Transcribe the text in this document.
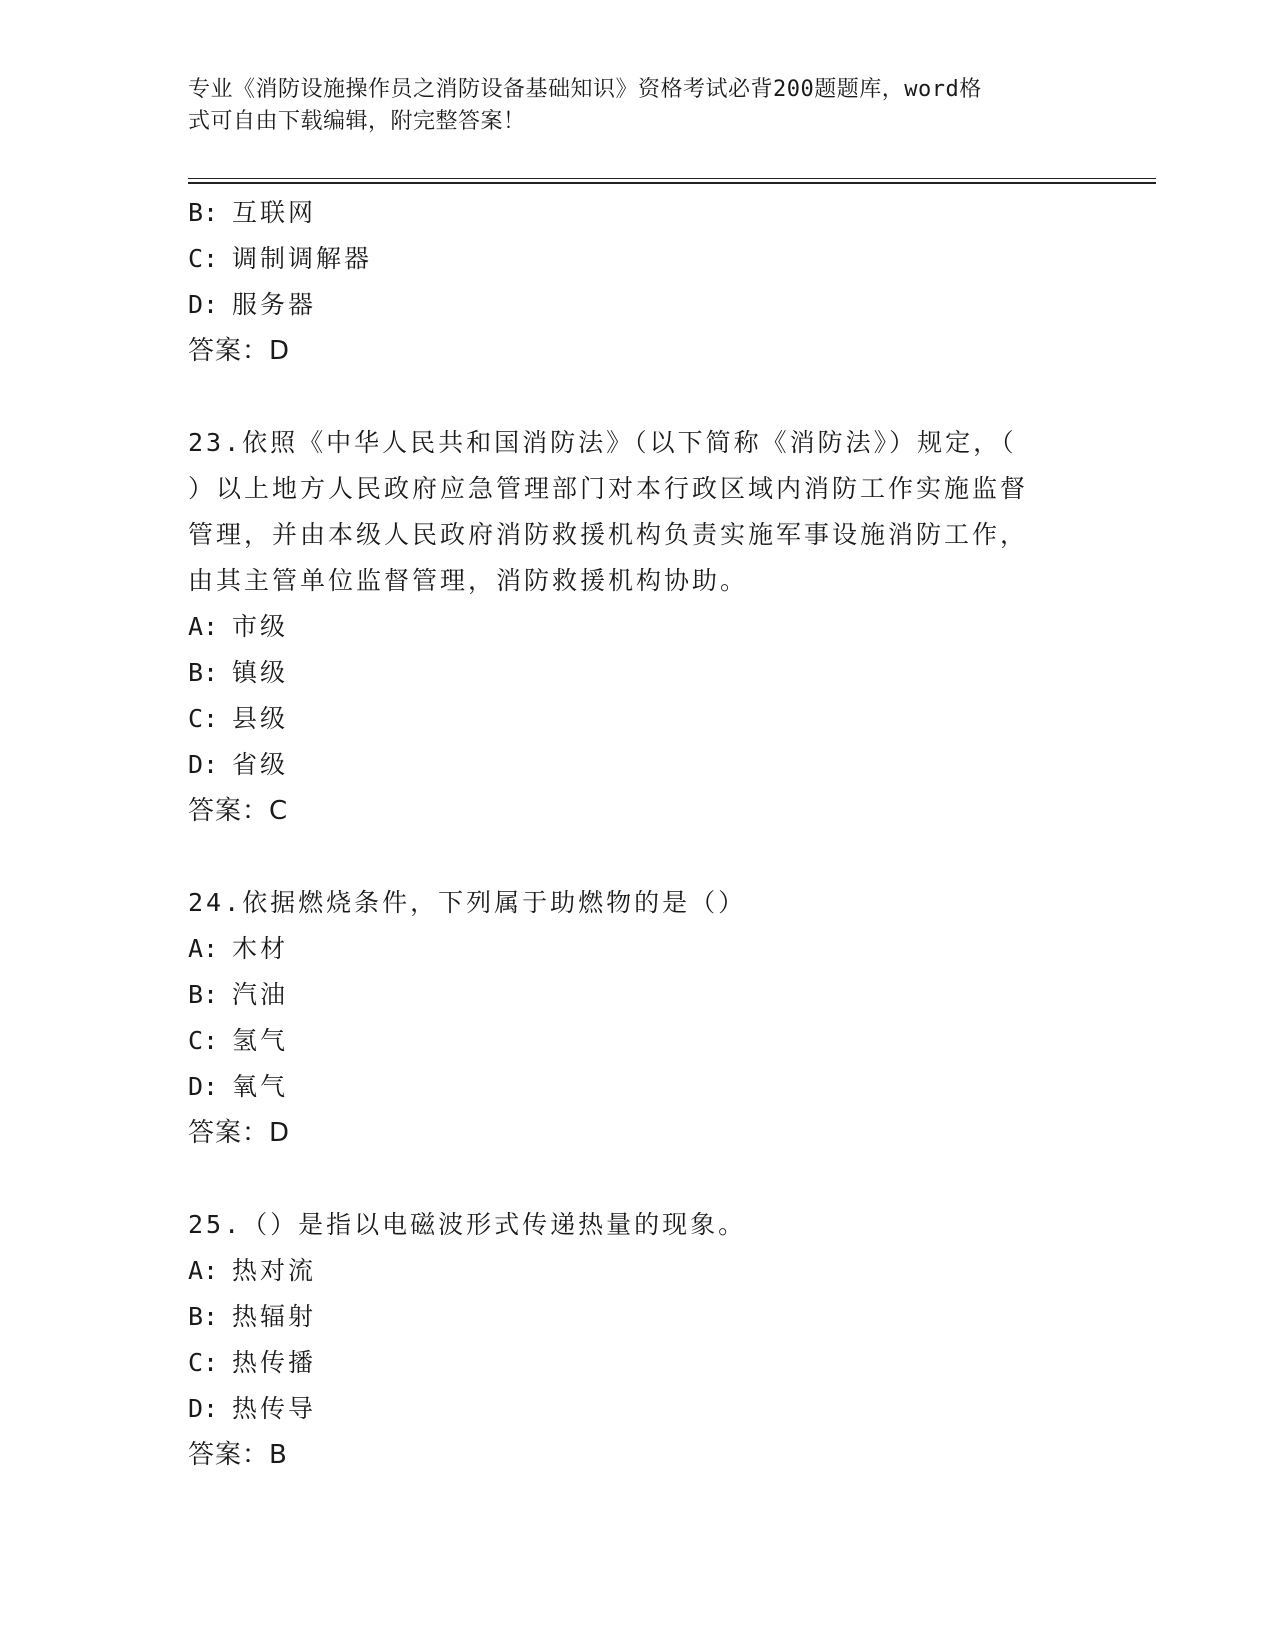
专业《消防设施操作员之消防设备基础知识》资格考试必背200题题库，word格
式可自由下载编辑，附完整答案！
B: 互联网
C: 调制调解器
D: 服务器
答案：D
23.依照《中华人民共和国消防法》（以下简称《消防法》）规定，（
）以上地方人民政府应急管理部门对本行政区域内消防工作实施监督
管理，并由本级人民政府消防救援机构负责实施军事设施消防工作，
由其主管单位监督管理，消防救援机构协助。
A: 市级
B: 镇级
C: 县级
D: 省级
答案：C
24.依据燃烧条件，下列属于助燃物的是（）
A: 木材
B: 汽油
C: 氢气
D: 氧气
答案：D
25.（）是指以电磁波形式传递热量的现象。
A: 热对流
B: 热辐射
C: 热传播
D: 热传导
答案：B
